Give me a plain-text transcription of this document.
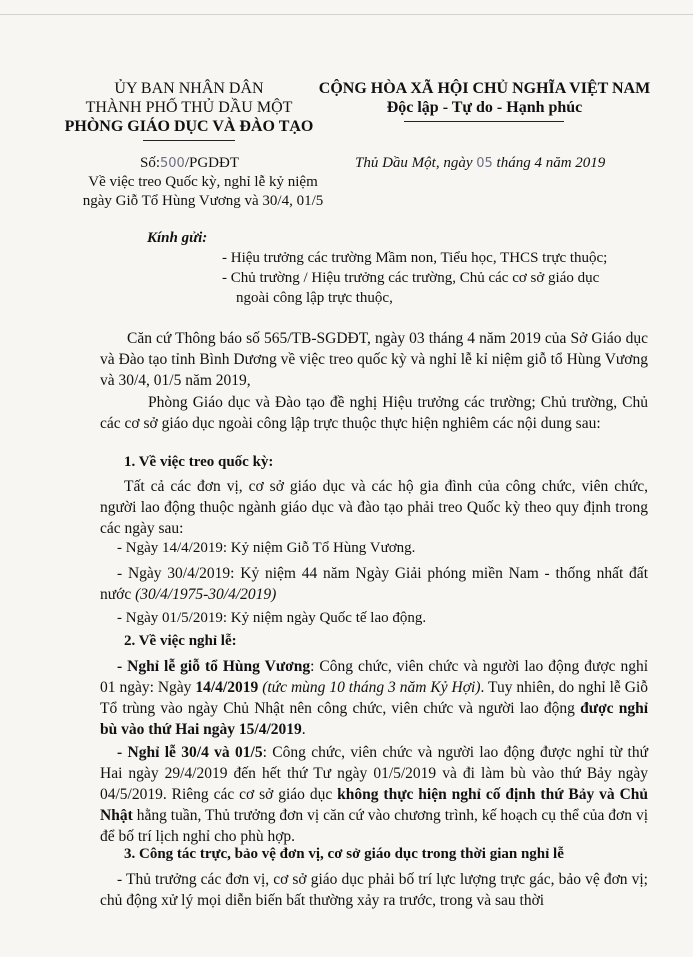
ỦY BAN NHÂN DÂN
THÀNH PHỐ THỦ DẦU MỘT
PHÒNG GIÁO DỤC VÀ ĐÀO TẠO
CỘNG HÒA XÃ HỘI CHỦ NGHĨA VIỆT NAM
Độc lập - Tự do - Hạnh phúc
Số:500/PGDĐT
Về việc treo Quốc kỳ, nghỉ lễ kỷ niệm
ngày Giỗ Tổ Hùng Vương và 30/4, 01/5
Thủ Dầu Một, ngày 05 tháng 4 năm 2019
Kính gửi:
- Hiệu trưởng các trường Mầm non, Tiểu học, THCS trực thuộc;
- Chủ trường / Hiệu trưởng các trường, Chủ các cơ sở giáo dục
ngoài công lập trực thuộc,
Căn cứ Thông báo số 565/TB-SGDĐT, ngày 03 tháng 4 năm 2019 của Sở Giáo dục và Đào tạo tỉnh Bình Dương về việc treo quốc kỳ và nghỉ lễ kỉ niệm giỗ tổ Hùng Vương và 30/4, 01/5 năm 2019,
Phòng Giáo dục và Đào tạo đề nghị Hiệu trưởng các trường; Chủ trường, Chủ các cơ sở giáo dục ngoài công lập trực thuộc thực hiện nghiêm các nội dung sau:
1. Về việc treo quốc kỳ:
Tất cả các đơn vị, cơ sở giáo dục và các hộ gia đình của công chức, viên chức, người lao động thuộc ngành giáo dục và đào tạo phải treo Quốc kỳ theo quy định trong các ngày sau:
- Ngày 14/4/2019: Kỷ niệm Giỗ Tổ Hùng Vương.
- Ngày 30/4/2019: Kỷ niệm 44 năm Ngày Giải phóng miền Nam - thống nhất đất nước (30/4/1975-30/4/2019)
- Ngày 01/5/2019: Kỷ niệm ngày Quốc tế lao động.
2. Về việc nghỉ lễ:
- Nghỉ lễ giỗ tổ Hùng Vương: Công chức, viên chức và người lao động được nghỉ 01 ngày: Ngày 14/4/2019 (tức mùng 10 tháng 3 năm Kỷ Hợi). Tuy nhiên, do nghỉ lễ Giỗ Tổ trùng vào ngày Chủ Nhật nên công chức, viên chức và người lao động được nghỉ bù vào thứ Hai ngày 15/4/2019.
- Nghỉ lễ 30/4 và 01/5: Công chức, viên chức và người lao động được nghỉ từ thứ Hai ngày 29/4/2019 đến hết thứ Tư ngày 01/5/2019 và đi làm bù vào thứ Bảy ngày 04/5/2019. Riêng các cơ sở giáo dục không thực hiện nghỉ cố định thứ Bảy và Chủ Nhật hằng tuần, Thủ trưởng đơn vị căn cứ vào chương trình, kế hoạch cụ thể của đơn vị để bố trí lịch nghỉ cho phù hợp.
3. Công tác trực, bảo vệ đơn vị, cơ sở giáo dục trong thời gian nghỉ lễ
- Thủ trưởng các đơn vị, cơ sở giáo dục phải bố trí lực lượng trực gác, bảo vệ đơn vị; chủ động xử lý mọi diễn biến bất thường xảy ra trước, trong và sau thời
